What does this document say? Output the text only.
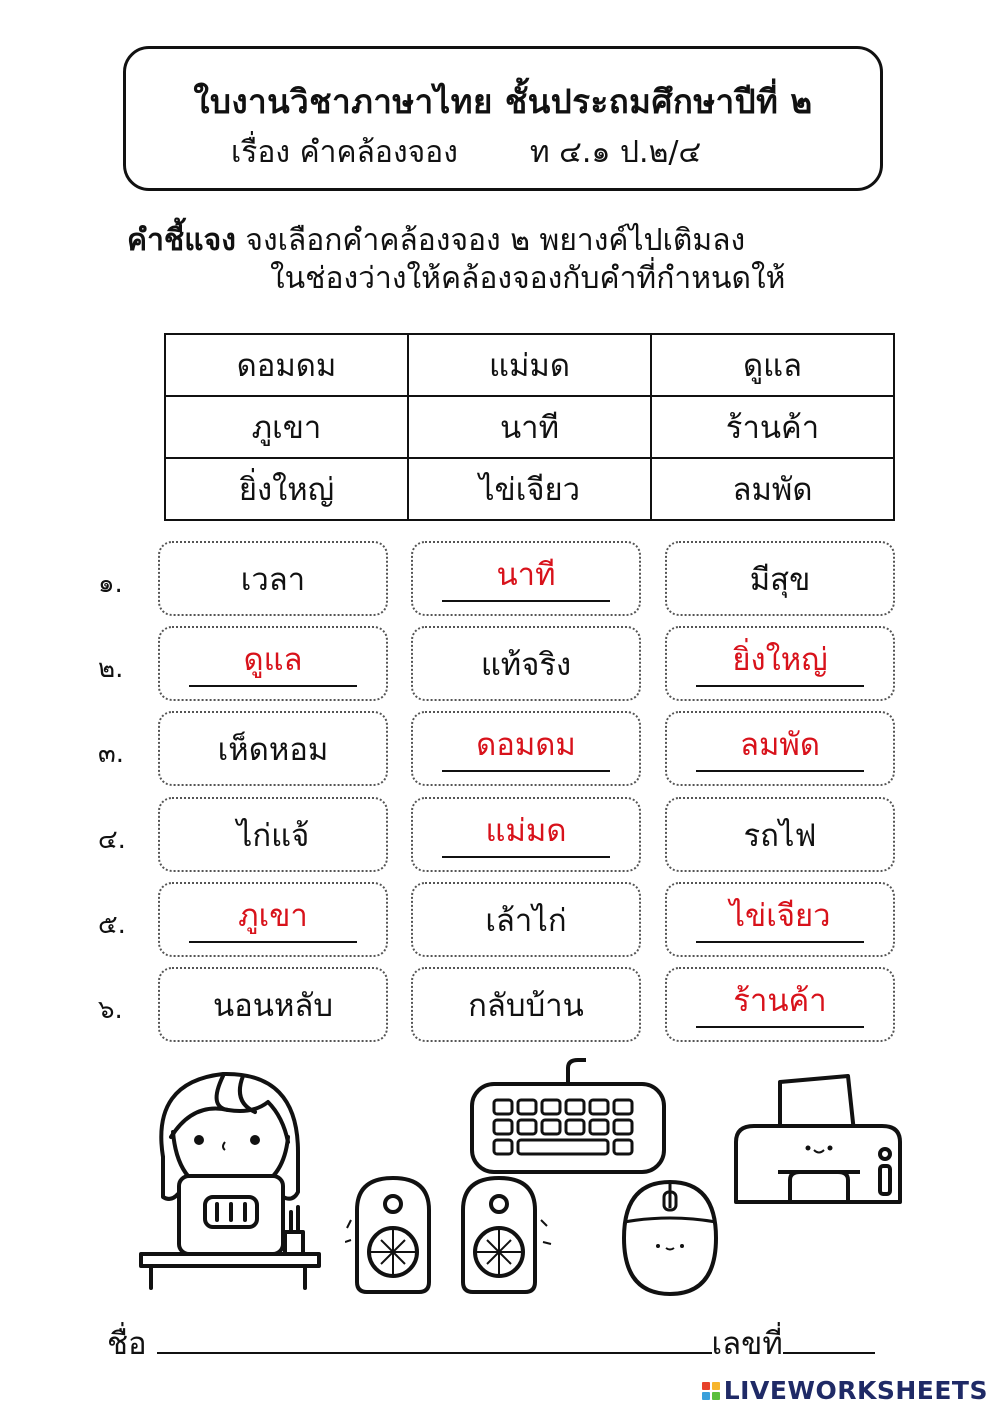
ใบงานวิชาภาษาไทย ชั้นประถมศึกษาปีที่ ๒
เรื่อง คำคล้องจอง ท ๔.๑ ป.๒/๔
คำชี้แจง จงเลือกคำคล้องจอง ๒ พยางค์ไปเติมลง
ในช่องว่างให้คล้องจองกับคำที่กำหนดให้
ดอมดม	แม่มด	ดูแล
ภูเขา	นาที	ร้านค้า
ยิ่งใหญ่	ไข่เจียว	ลมพัด
๑.	เวลา	นาที	มีสุข
๒.	ดูแล	แท้จริง	ยิ่งใหญ่
๓.	เห็ดหอม	ดอมดม	ลมพัด
๔.	ไก่แจ้	แม่มด	รถไฟ
๕.	ภูเขา	เล้าไก่	ไข่เจียว
๖.	นอนหลับ	กลับบ้าน	ร้านค้า
ชื่อ	เลขที่
LIVEWORKSHEETS
